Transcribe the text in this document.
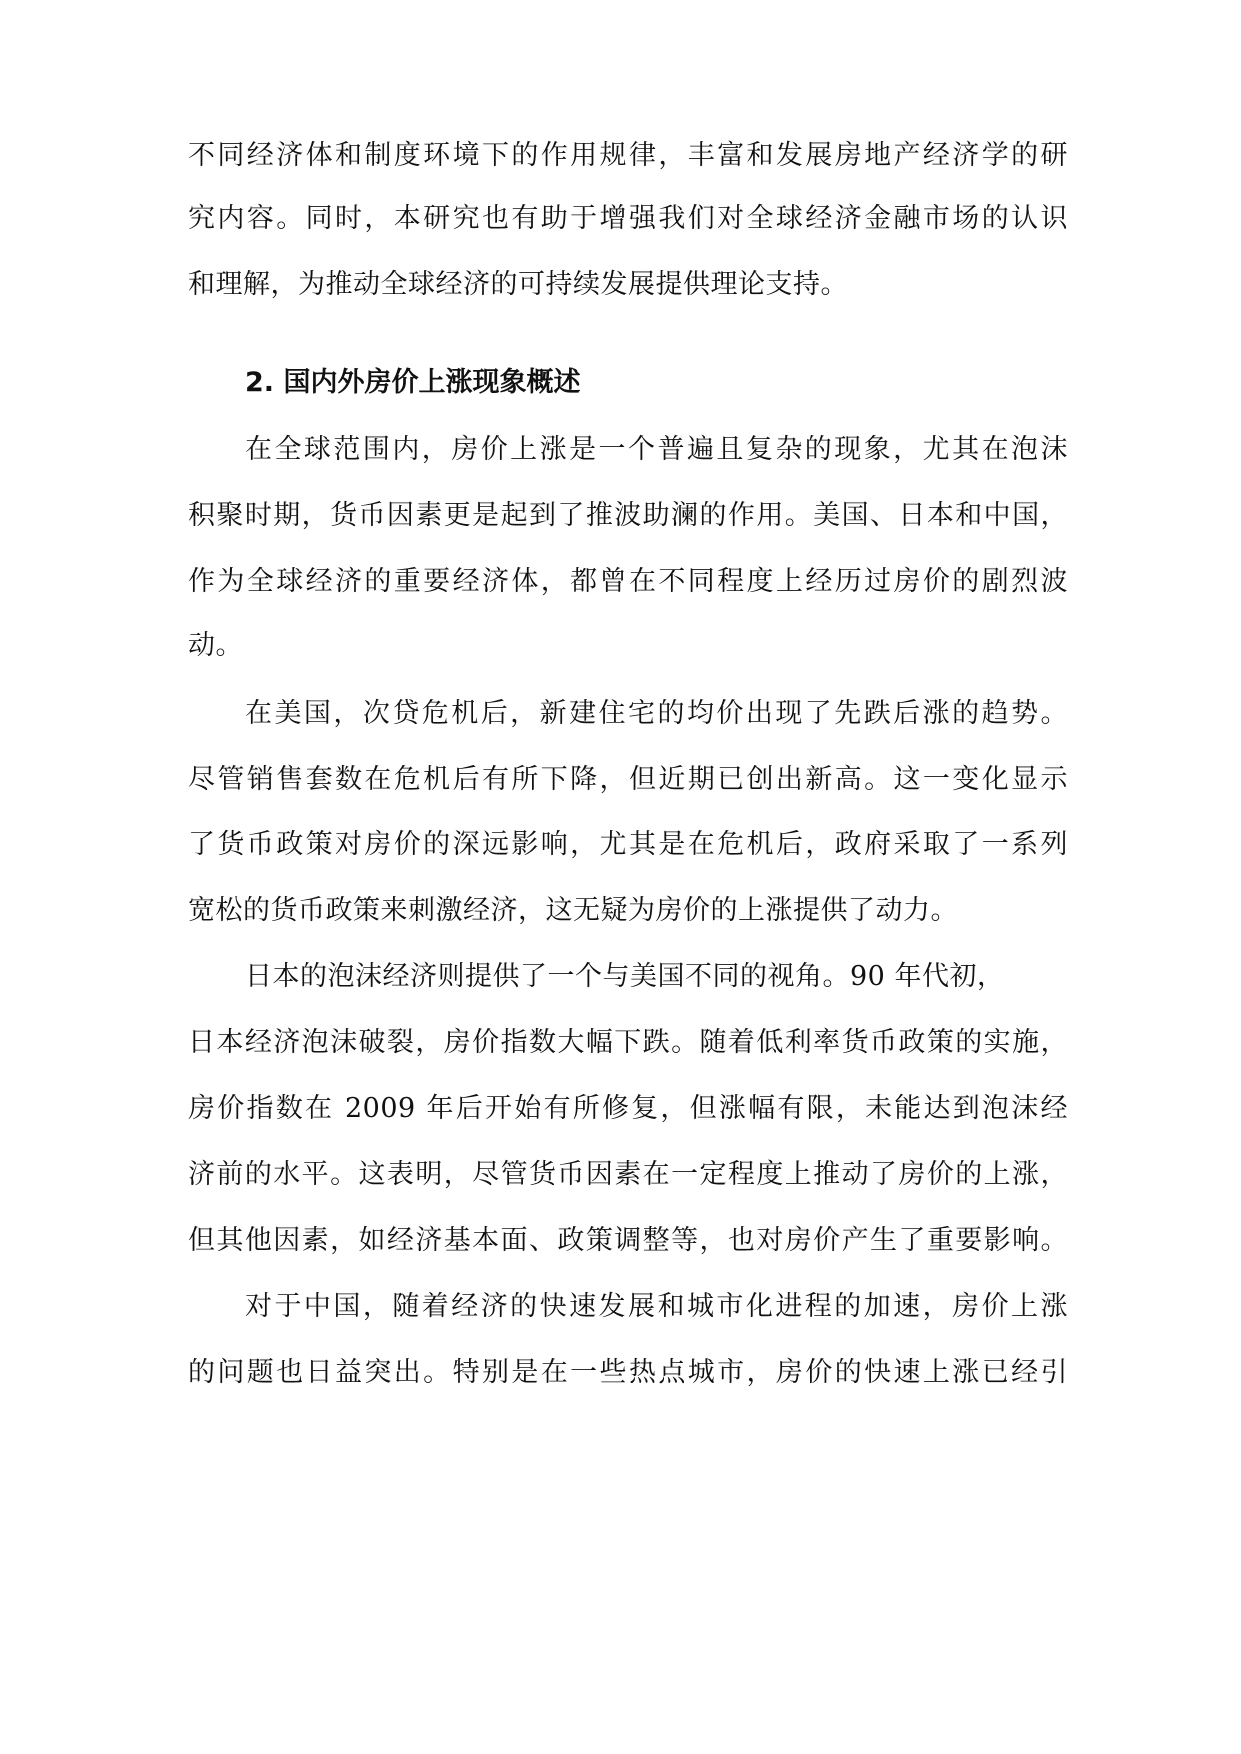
不同经济体和制度环境下的作用规律，丰富和发展房地产经济学的研
究内容。同时，本研究也有助于增强我们对全球经济金融市场的认识
和理解，为推动全球经济的可持续发展提供理论支持。
2. 国内外房价上涨现象概述
在全球范围内，房价上涨是一个普遍且复杂的现象，尤其在泡沫
积聚时期，货币因素更是起到了推波助澜的作用。美国、日本和中国，
作为全球经济的重要经济体，都曾在不同程度上经历过房价的剧烈波
动。
在美国，次贷危机后，新建住宅的均价出现了先跌后涨的趋势。
尽管销售套数在危机后有所下降，但近期已创出新高。这一变化显示
了货币政策对房价的深远影响，尤其是在危机后，政府采取了一系列
宽松的货币政策来刺激经济，这无疑为房价的上涨提供了动力。
日本的泡沫经济则提供了一个与美国不同的视角。90 年代初，
日本经济泡沫破裂，房价指数大幅下跌。随着低利率货币政策的实施，
房价指数在 2009 年后开始有所修复，但涨幅有限，未能达到泡沫经
济前的水平。这表明，尽管货币因素在一定程度上推动了房价的上涨，
但其他因素，如经济基本面、政策调整等，也对房价产生了重要影响。
对于中国，随着经济的快速发展和城市化进程的加速，房价上涨
的问题也日益突出。特别是在一些热点城市，房价的快速上涨已经引
